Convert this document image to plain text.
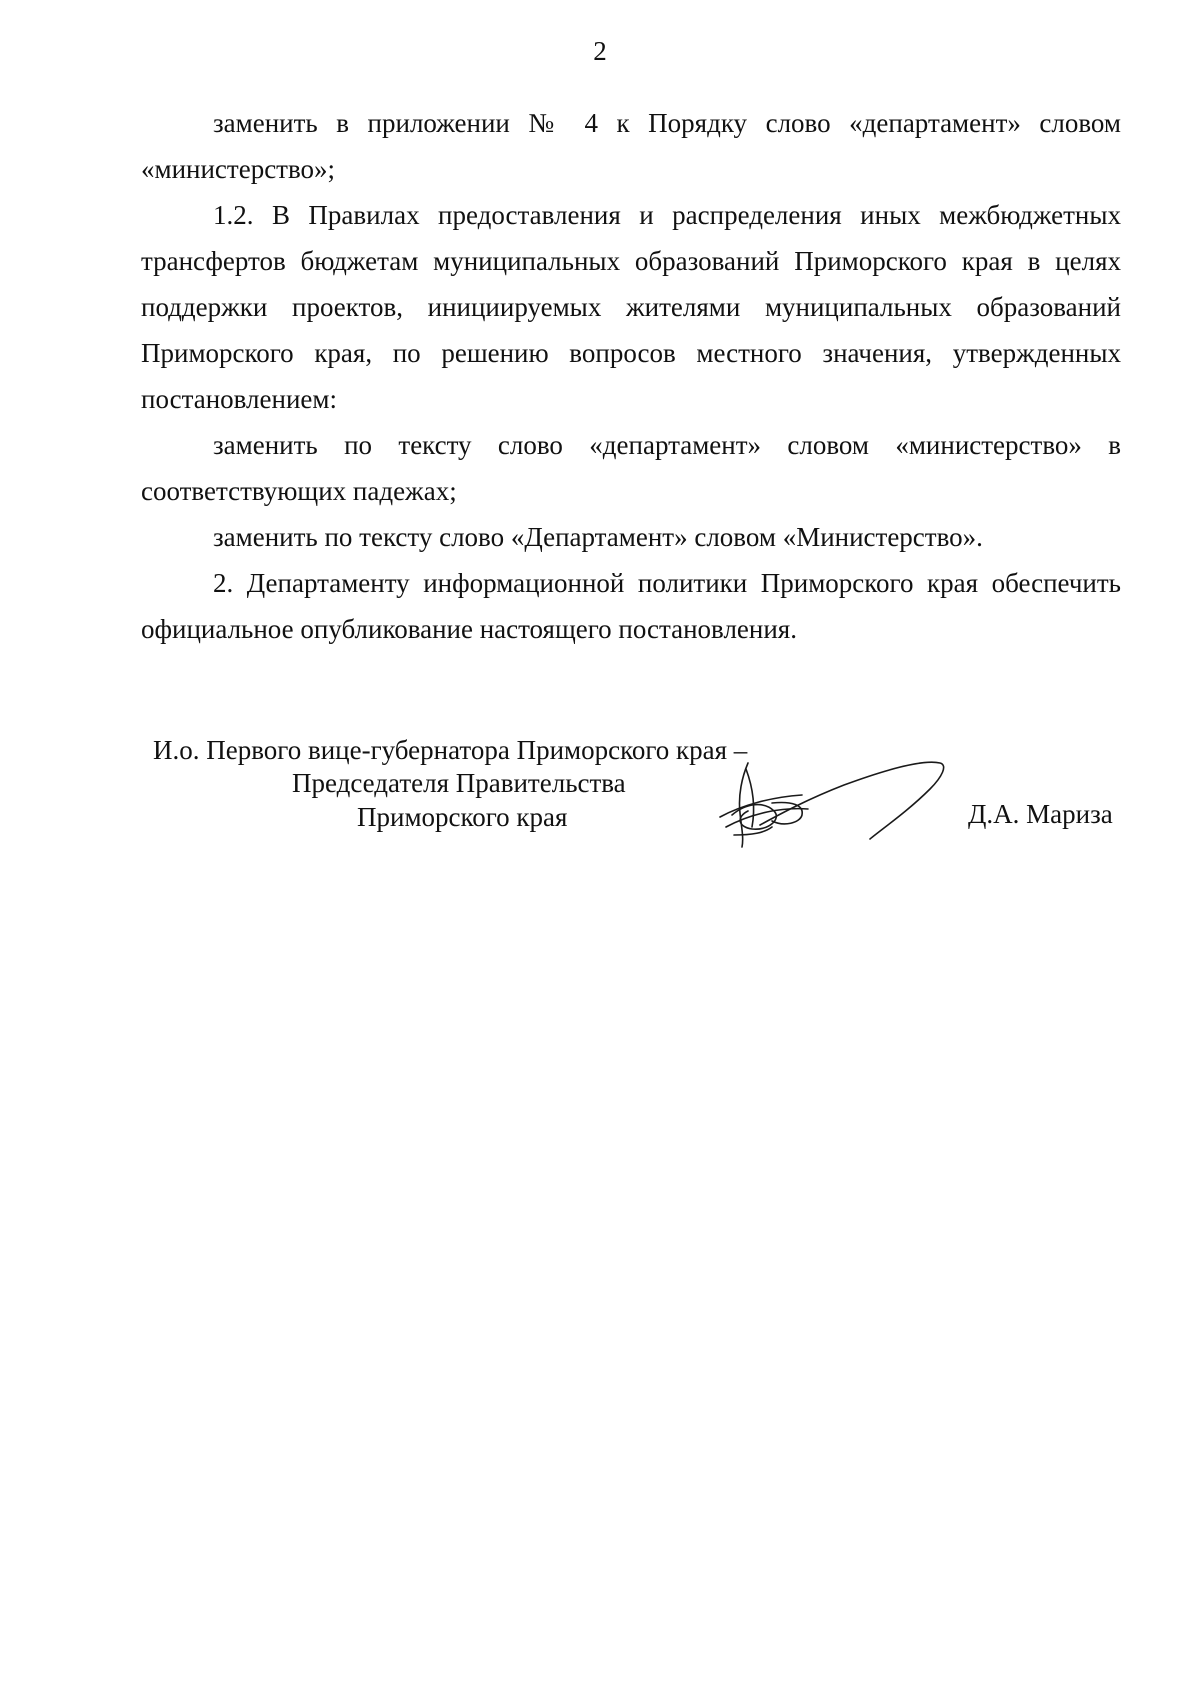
2

заменить в приложении № 4 к Порядку слово «департамент» словом «министерство»;

1.2. В Правилах предоставления и распределения иных межбюджетных трансфертов бюджетам муниципальных образований Приморского края в целях поддержки проектов, инициируемых жителями муниципальных образований Приморского края, по решению вопросов местного значения, утвержденных постановлением:

заменить по тексту слово «департамент» словом «министерство» в соответствующих падежах;

заменить по тексту слово «Департамент» словом «Министерство».

2. Департаменту информационной политики Приморского края обеспечить официальное опубликование настоящего постановления.

И.о. Первого вице-губернатора Приморского края –
Председателя Правительства
Приморского края	Д.А. Мариза
